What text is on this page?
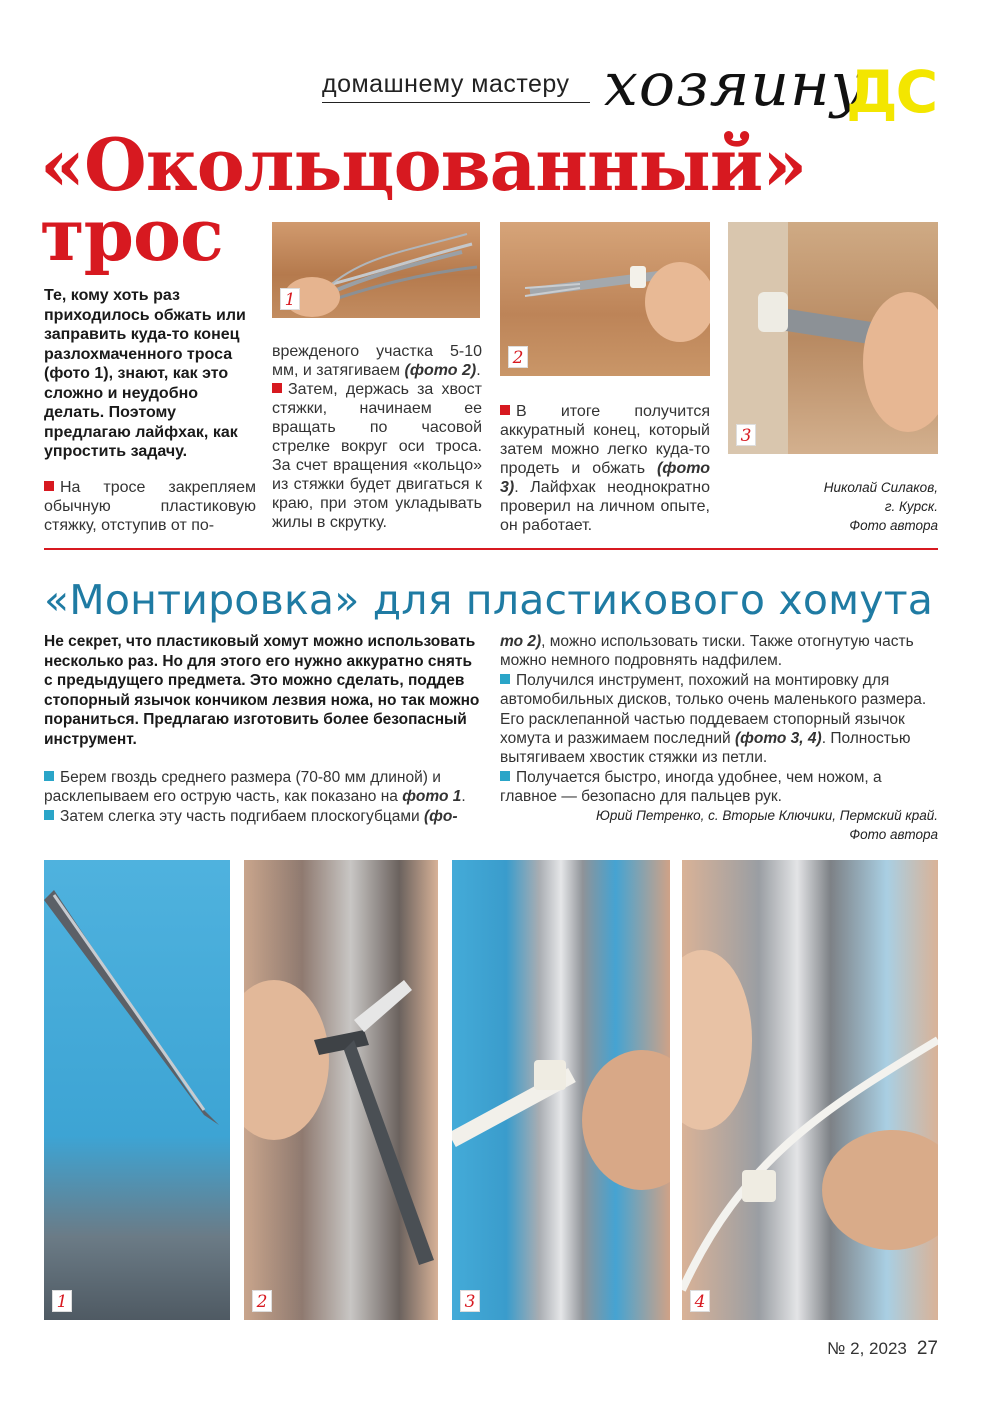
домашнему мастеру хозяину
ДС
«Окольцованный»
трос
Те, кому хоть раз приходилось обжать или заправить куда-то конец разлохмаченного троса (фото 1), знают, как это сложно и неудобно делать. Поэтому предлагаю лайфхак, как упростить задачу.
На тросе закрепляем обычную пластиковую стяжку, отступив от по-
врежденого участка 5-10 мм, и затягиваем (фото 2).
Затем, держась за хвост стяжки, начинаем ее вращать по часовой стрелке вокруг оси троса. За счет вращения «кольцо» из стяжки будет двигаться к краю, при этом укладывать жилы в скрутку.
В итоге получится аккуратный конец, который затем можно легко куда-то продеть и обжать (фото 3). Лайфхак неоднократно проверил на личном опыте, он работает.
Николай Силаков,
г. Курск.
Фото автора
1
2
3
«Монтировка» для пластикового хомута
Не секрет, что пластиковый хомут можно использовать несколько раз. Но для этого его нужно аккуратно снять с предыдущего предмета. Это можно сделать, поддев стопорный язычок кончиком лезвия ножа, но так можно пораниться. Предлагаю изготовить более безопасный инструмент.
Берем гвоздь среднего размера (70-80 мм длиной) и расклепываем его острую часть, как показано на фото 1.
Затем слегка эту часть подгибаем плоскогубцами (фо-
то 2), можно использовать тиски. Также отогнутую часть можно немного подровнять надфилем.
Получился инструмент, похожий на монтировку для автомобильных дисков, только очень маленького размера. Его расклепанной частью поддеваем стопорный язычок хомута и разжимаем последний (фото 3, 4). Полностью вытягиваем хвостик стяжки из петли.
Получается быстро, иногда удобнее, чем ножом, а главное — безопасно для пальцев рук.
Юрий Петренко, с. Вторые Ключики, Пермский край.
Фото автора
1	2	3	4
№ 2, 2023 27
